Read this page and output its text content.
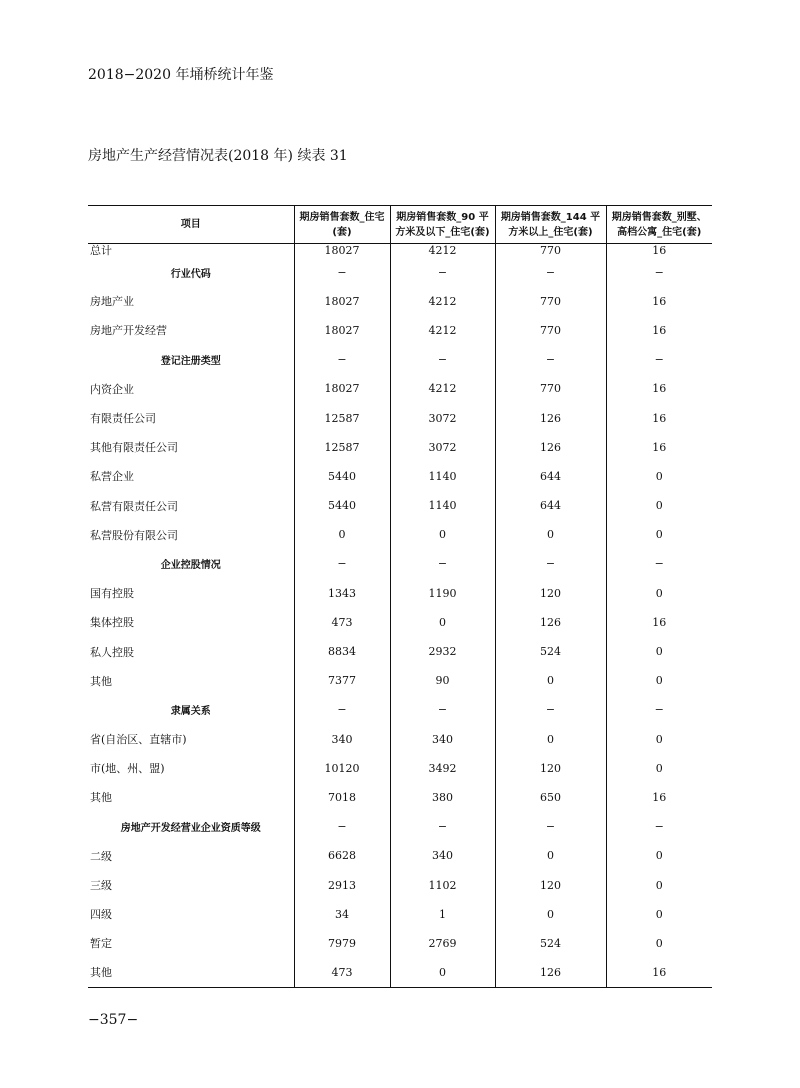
2018−2020 年埇桥统计年鉴
房地产生产经营情况表(2018 年) 续表 31
项目	期房销售套数_住宅(套)	期房销售套数_90 平方米及以下_住宅(套)	期房销售套数_144 平方米以上_住宅(套)	期房销售套数_别墅、高档公寓_住宅(套)
总计	18027	4212	770	16
行业代码	−	−	−	−
房地产业	18027	4212	770	16
房地产开发经营	18027	4212	770	16
登记注册类型	−	−	−	−
内资企业	18027	4212	770	16
有限责任公司	12587	3072	126	16
其他有限责任公司	12587	3072	126	16
私营企业	5440	1140	644	0
私营有限责任公司	5440	1140	644	0
私营股份有限公司	0	0	0	0
企业控股情况	−	−	−	−
国有控股	1343	1190	120	0
集体控股	473	0	126	16
私人控股	8834	2932	524	0
其他	7377	90	0	0
隶属关系	−	−	−	−
省(自治区、直辖市)	340	340	0	0
市(地、州、盟)	10120	3492	120	0
其他	7018	380	650	16
房地产开发经营业企业资质等级	−	−	−	−
二级	6628	340	0	0
三级	2913	1102	120	0
四级	34	1	0	0
暂定	7979	2769	524	0
其他	473	0	126	16
−357−
